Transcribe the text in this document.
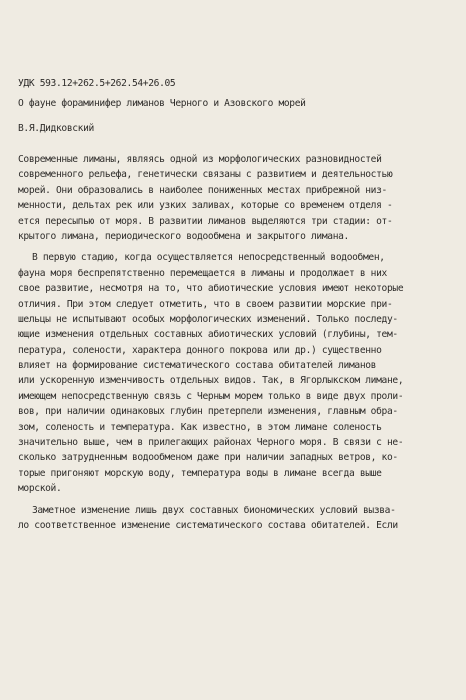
УДК 593.12+262.5+262.54+26.05
О фауне фораминифер лиманов Черного и Азовского морей
В.Я.Дидковский
Современные лиманы, являясь одной из морфологических разновидностей
современного рельефа, генетически связаны с развитием и деятельностью
морей. Они образовались в наиболее пониженных местах прибрежной низ-
менности, дельтах рек или узких заливах, которые со временем отделя -
ется пересыпью от моря. В развитии лиманов выделяются три стадии: от-
крытого лимана, периодического водообмена и закрытого лимана.
В первую стадию, когда осуществляется непосредственный водообмен,
фауна моря беспрепятственно перемещается в лиманы и продолжает в них
свое развитие, несмотря на то, что абиотические условия имеют некоторые
отличия. При этом следует отметить, что в своем развитии морские при-
шельцы не испытывают особых морфологических изменений. Только последу-
ющие изменения отдельных составных абиотических условий (глубины, тем-
пература, солености, характера донного покрова или др.) существенно
влияет на формирование систематического состава обитателей лиманов
или ускоренную изменчивость отдельных видов. Так, в Ягорлыкском лимане,
имеющем непосредственную связь с Черным морем только в виде двух проли-
вов, при наличии одинаковых глубин претерпели изменения, главным обра-
зом, соленость и температура. Как известно, в этом лимане соленость
значительно выше, чем в прилегающих районах Черного моря. В связи с не-
сколько затрудненным водообменом даже при наличии западных ветров, ко-
торые пригоняют морскую воду, температура воды в лимане всегда выше
морской.
Заметное изменение лишь двух составных биономических условий вызва-
ло соответственное изменение систематического состава обитателей. Если
